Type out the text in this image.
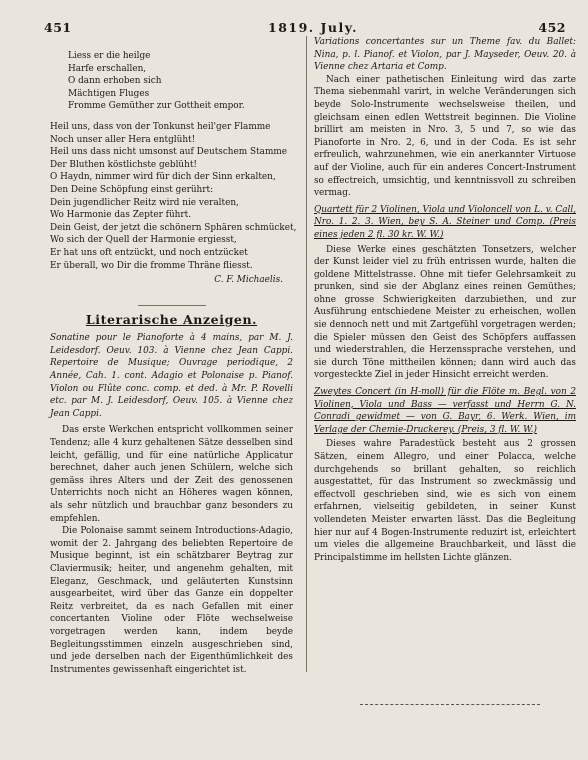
451	1819. July.	452

Liess er die heilge

Harfe erschallen,

O dann erhoben sich

Mächtigen Fluges

Fromme Gemüther zur Gottheit empor.

Heil uns, dass von der Tonkunst heil'ger Flamme

Noch unser aller Hera entglüht!

Heil uns dass nicht umsonst auf Deutschem Stamme

Der Bluthen köstlichste geblüht!

O Haydn, nimmer wird für dich der Sinn erkalten,

Den Deine Schöpfung einst gerührt:

Dein jugendlicher Reitz wird nie veralten,

Wo Harmonie das Zepter führt.

Dein Geist, der jetzt die schönern Sphären schmücket,

Wo sich der Quell der Harmonie ergiesst,

Er hat uns oft entzückt, und noch entzücket

Er überall, wo Dir die fromme Thräne fliesst.

C. F. Michaelis.
Literarische Anzeigen.

Sonatine pour le Pianoforte à 4 mains, par M. J. Leidesdorf. Oeuv. 103. à Vienne chez Jean Cappi. Repertoire de Musique; Ouvrage periodique, 2 Année, Cah. 1. cont. Adagio et Polonaise p. Pianof. Violon ou Flûte conc. comp. et ded. à Mr. P. Rovelli etc. par M. J. Leidesdorf, Oeuv. 105. à Vienne chez Jean Cappi.

Das erste Werkchen entspricht vollkommen seiner Tendenz; alle 4 kurz gehaltenen Sätze desselben sind leicht, gefällig, und für eine natürliche Applicatur berechnet, daher auch jenen Schülern, welche sich gemäss ihres Alters und der Zeit des genossenen Unterrichts noch nicht an Höheres wagen können, als sehr nützlich und brauchbar ganz besonders zu empfehlen.

Die Polonaise sammt seinem Introductions-Adagio, womit der 2. Jahrgang des beliebten Repertoire de Musique beginnt, ist ein schätzbarer Beytrag zur Claviermusik; heiter, und angenehm gehalten, mit Eleganz, Geschmack, und geläuterten Kunstsinn ausgearbeitet, wird über das Ganze ein doppelter Reitz verbreitet, da es nach Gefallen mit einer concertanten Violine oder Flöte wechselweise vorgetragen werden kann, indem beyde Begleitungsstimmen einzeln ausgeschrieben sind, und jede derselben nach der Eigenthümlichkeit des Instrumentes gewissenhaft eingerichtet ist.

Variations concertantes sur un Theme fav. du Ballet: Nina, p. l. Pianof. et Violon, par J. Mayseder, Oeuv. 20. à Vienne chez Artaria et Comp.

Nach einer pathetischen Einleitung wird das zarte Thema siebenmahl varirt, in welche Veränderungen sich beyde Solo-Instrumente wechselsweise theilen, und gleichsam einen edlen Wettstreit beginnen. Die Violine brillirt am meisten in Nro. 3, 5 und 7, so wie das Pianoforte in Nro. 2, 6, und in der Coda. Es ist sehr erfreulich, wahrzunehmen, wie ein anerkannter Virtuose auf der Violine, auch für ein anderes Concert-Instrument so effectreich, umsichtig, und kenntnissvoll zu schreiben vermag.

Quartett für 2 Violinen, Viola und Violoncell von L. v. Call, Nro. 1. 2. 3. Wien, bey S. A. Steiner und Comp. (Preis eines jeden 2 fl. 30 kr. W. W.)

Diese Werke eines geschätzten Tonsetzers, welcher der Kunst leider viel zu früh entrissen wurde, halten die goldene Mittelstrasse. Ohne mit tiefer Gelehrsamkeit zu prunken, sind sie der Abglanz eines reinen Gemüthes; ohne grosse Schwierigkeiten darzubiethen, und zur Ausführung entschiedene Meister zu erheischen, wollen sie dennoch nett und mit Zartgefühl vorgetragen werden; die Spieler müssen den Geist des Schöpfers auffassen und wiederstrahlen, die Herzenssprache verstehen, und sie durch Töne mittheilen können; dann wird auch das vorgesteckte Ziel in jeder Hinsicht erreicht werden.

Zweytes Concert (in H-moll) für die Flöte m. Begl. von 2 Violinen, Viola und Bass — verfasst und Herrn G. N. Conradi gewidmet — von G. Bayr, 6. Werk. Wien, im Verlage der Chemie-Druckerey. (Preis, 3 fl. W. W.)

Dieses wahre Paradestück besteht aus 2 grossen Sätzen, einem Allegro, und einer Polacca, welche durchgehends so brillant gehalten, so reichlich ausgestattet, für das Instrument so zweckmässig und effectvoll geschrieben sind, wie es sich von einem erfahrnen, vielseitig gebildeten, in seiner Kunst vollendeten Meister erwarten lässt. Das die Begleitung hier nur auf 4 Bogen-Instrumente reduzirt ist, erleichtert um vieles die allgemeine Brauchbarkeit, und lässt die Principalstimme im hellsten Lichte glänzen.
